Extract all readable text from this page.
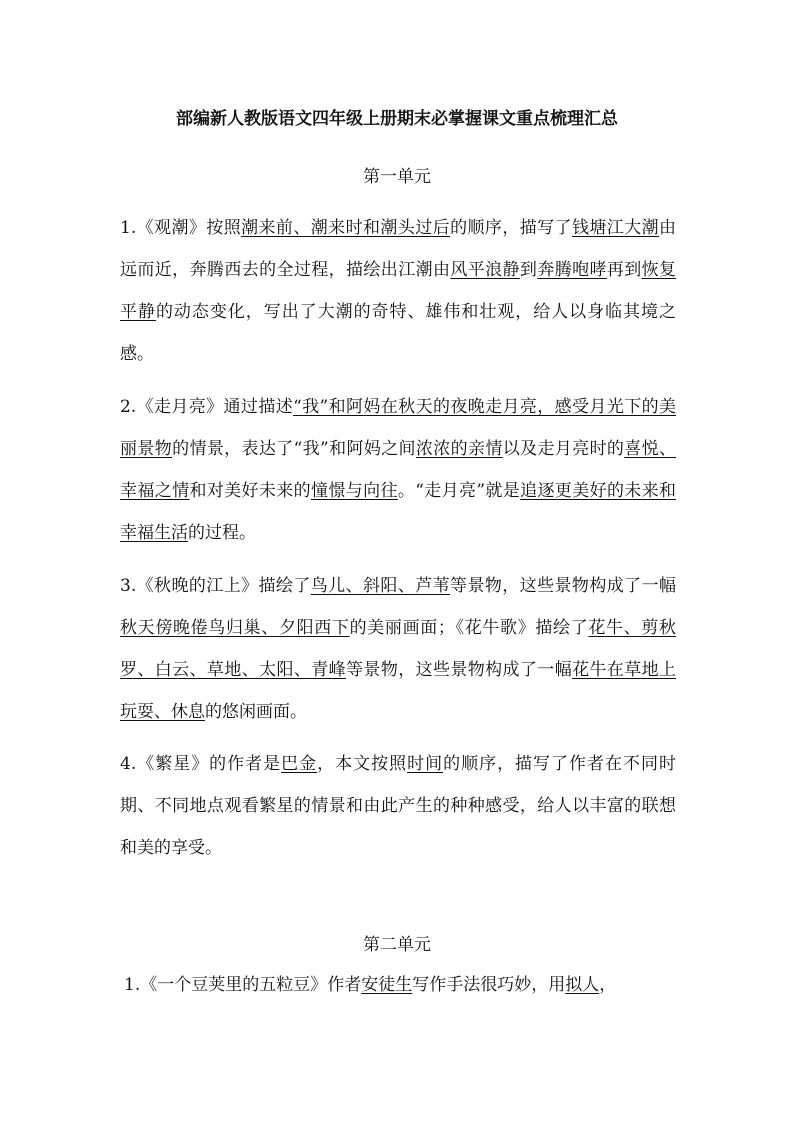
部编新人教版语文四年级上册期末必掌握课文重点梳理汇总
第一单元

1.《观潮》按照潮来前、潮来时和潮头过后的顺序，描写了钱塘江大潮由远而近，奔腾西去的全过程，描绘出江潮由风平浪静到奔腾咆哮再到恢复平静的动态变化，写出了大潮的奇特、雄伟和壮观，给人以身临其境之感。

2.《走月亮》通过描述“我”和阿妈在秋天的夜晚走月亮，感受月光下的美丽景物的情景，表达了“我”和阿妈之间浓浓的亲情以及走月亮时的喜悦、幸福之情和对美好未来的憧憬与向往。“走月亮”就是追逐更美好的未来和幸福生活的过程。

3.《秋晚的江上》描绘了鸟儿、斜阳、芦苇等景物，这些景物构成了一幅秋天傍晚倦鸟归巢、夕阳西下的美丽画面；《花牛歌》描绘了花牛、剪秋罗、白云、草地、太阳、青峰等景物，这些景物构成了一幅花牛在草地上玩耍、休息的悠闲画面。

4.《繁星》的作者是巴金，本文按照时间的顺序，描写了作者在不同时期、不同地点观看繁星的情景和由此产生的种种感受，给人以丰富的联想和美的享受。

第二单元

1.《一个豆荚里的五粒豆》作者安徒生写作手法很巧妙，用拟人，
